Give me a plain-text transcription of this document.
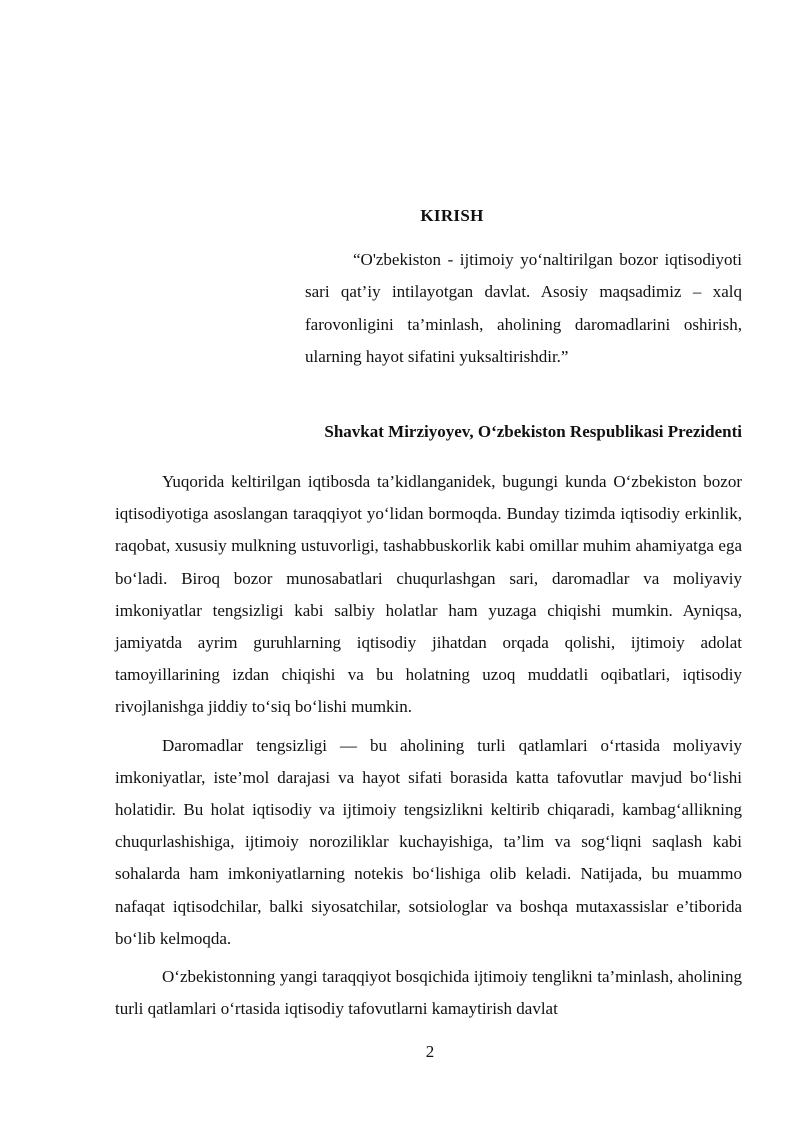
KIRISH

“O'zbekiston - ijtimoiy yo‘naltirilgan bozor iqtisodiyoti sari qat’iy intilayotgan davlat. Asosiy maqsadimiz – xalq farovonligini ta’minlash, aholining daromadlarini oshirish, ularning hayot sifatini yuksaltirishdir.”

Shavkat Mirziyoyev, O‘zbekiston Respublikasi Prezidenti

Yuqorida keltirilgan iqtibosda ta’kidlanganidek, bugungi kunda O‘zbekiston bozor iqtisodiyotiga asoslangan taraqqiyot yo‘lidan bormoqda. Bunday tizimda iqtisodiy erkinlik, raqobat, xususiy mulkning ustuvorligi, tashabbuskorlik kabi omillar muhim ahamiyatga ega bo‘ladi. Biroq bozor munosabatlari chuqurlashgan sari, daromadlar va moliyaviy imkoniyatlar tengsizligi kabi salbiy holatlar ham yuzaga chiqishi mumkin. Ayniqsa, jamiyatda ayrim guruhlarning iqtisodiy jihatdan orqada qolishi, ijtimoiy adolat tamoyillarining izdan chiqishi va bu holatning uzoq muddatli oqibatlari, iqtisodiy rivojlanishga jiddiy to‘siq bo‘lishi mumkin.

Daromadlar tengsizligi — bu aholining turli qatlamlari o‘rtasida moliyaviy imkoniyatlar, iste’mol darajasi va hayot sifati borasida katta tafovutlar mavjud bo‘lishi holatidir. Bu holat iqtisodiy va ijtimoiy tengsizlikni keltirib chiqaradi, kambag‘allikning chuqurlashishiga, ijtimoiy noroziliklar kuchayishiga, ta’lim va sog‘liqni saqlash kabi sohalarda ham imkoniyatlarning notekis bo‘lishiga olib keladi. Natijada, bu muammo nafaqat iqtisodchilar, balki siyosatchilar, sotsiologlar va boshqa mutaxassislar e’tiborida bo‘lib kelmoqda.

O‘zbekistonning yangi taraqqiyot bosqichida ijtimoiy tenglikni ta’minlash, aholining turli qatlamlari o‘rtasida iqtisodiy tafovutlarni kamaytirish davlat

2
